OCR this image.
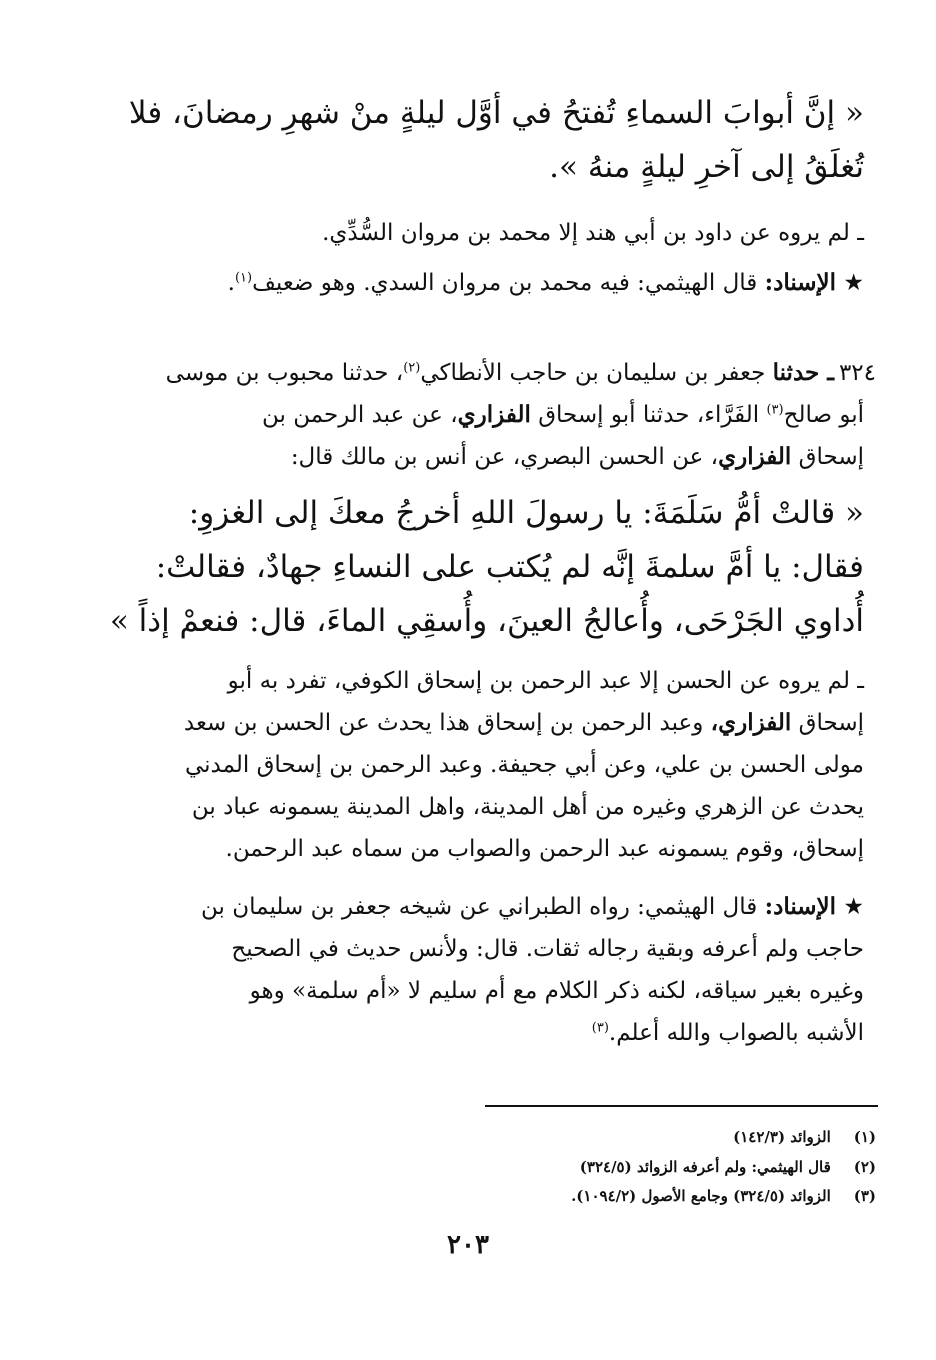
« إنَّ أبوابَ السماءِ تُفتحُ في أوَّل ليلةٍ منْ شهرِ رمضانَ، فلا
تُغلَقُ إلى آخرِ ليلةٍ منهُ ».
ـ لم يروه عن داود بن أبي هند إلا محمد بن مروان السُّدِّي.
★ الإسناد: قال الهيثمي: فيه محمد بن مروان السدي. وهو ضعيف$^{(١)}$.
٣٢٤
ـ حدثنا جعفر بن سليمان بن حاجب الأنطاكي$^{(٢)}$، حدثنا محبوب بن موسى
أبو صالح$^{(٣)}$ الفَرَّاء، حدثنا أبو إسحاق الفزاري، عن عبد الرحمن بن
إسحاق الفزاري، عن الحسن البصري، عن أنس بن مالك قال:
« قالتْ أمُّ سَلَمَةَ: يا رسولَ اللهِ أخرجُ معكَ إلى الغزوِ:
فقال: يا أمَّ سلمةَ إنَّه لم يُكتب على النساءِ جهادٌ، فقالتْ:
أُداوي الجَرْحَى، وأُعالجُ العينَ، وأُسقِي الماءَ، قال: فنعمْ إذاً »
ـ لم يروه عن الحسن إلا عبد الرحمن بن إسحاق الكوفي، تفرد به أبو
إسحاق الفزاري، وعبد الرحمن بن إسحاق هذا يحدث عن الحسن بن سعد
مولى الحسن بن علي، وعن أبي جحيفة. وعبد الرحمن بن إسحاق المدني
يحدث عن الزهري وغيره من أهل المدينة، واهل المدينة يسمونه عباد بن
إسحاق، وقوم يسمونه عبد الرحمن والصواب من سماه عبد الرحمن.
★ الإسناد: قال الهيثمي: رواه الطبراني عن شيخه جعفر بن سليمان بن
حاجب ولم أعرفه وبقية رجاله ثقات. قال: ولأنس حديث في الصحيح
وغيره بغير سياقه، لكنه ذكر الكلام مع أم سليم لا «أم سلمة» وهو
الأشبه بالصواب والله أعلم.$^{(٣)}$
(١) الزوائد (١٤٢/٣)
(٢) قال الهيثمي: ولم أعرفه الزوائد (٣٢٤/٥)
(٣) الزوائد (٣٢٤/٥) وجامع الأصول (١٠٩٤/٢).
٢٠٣
